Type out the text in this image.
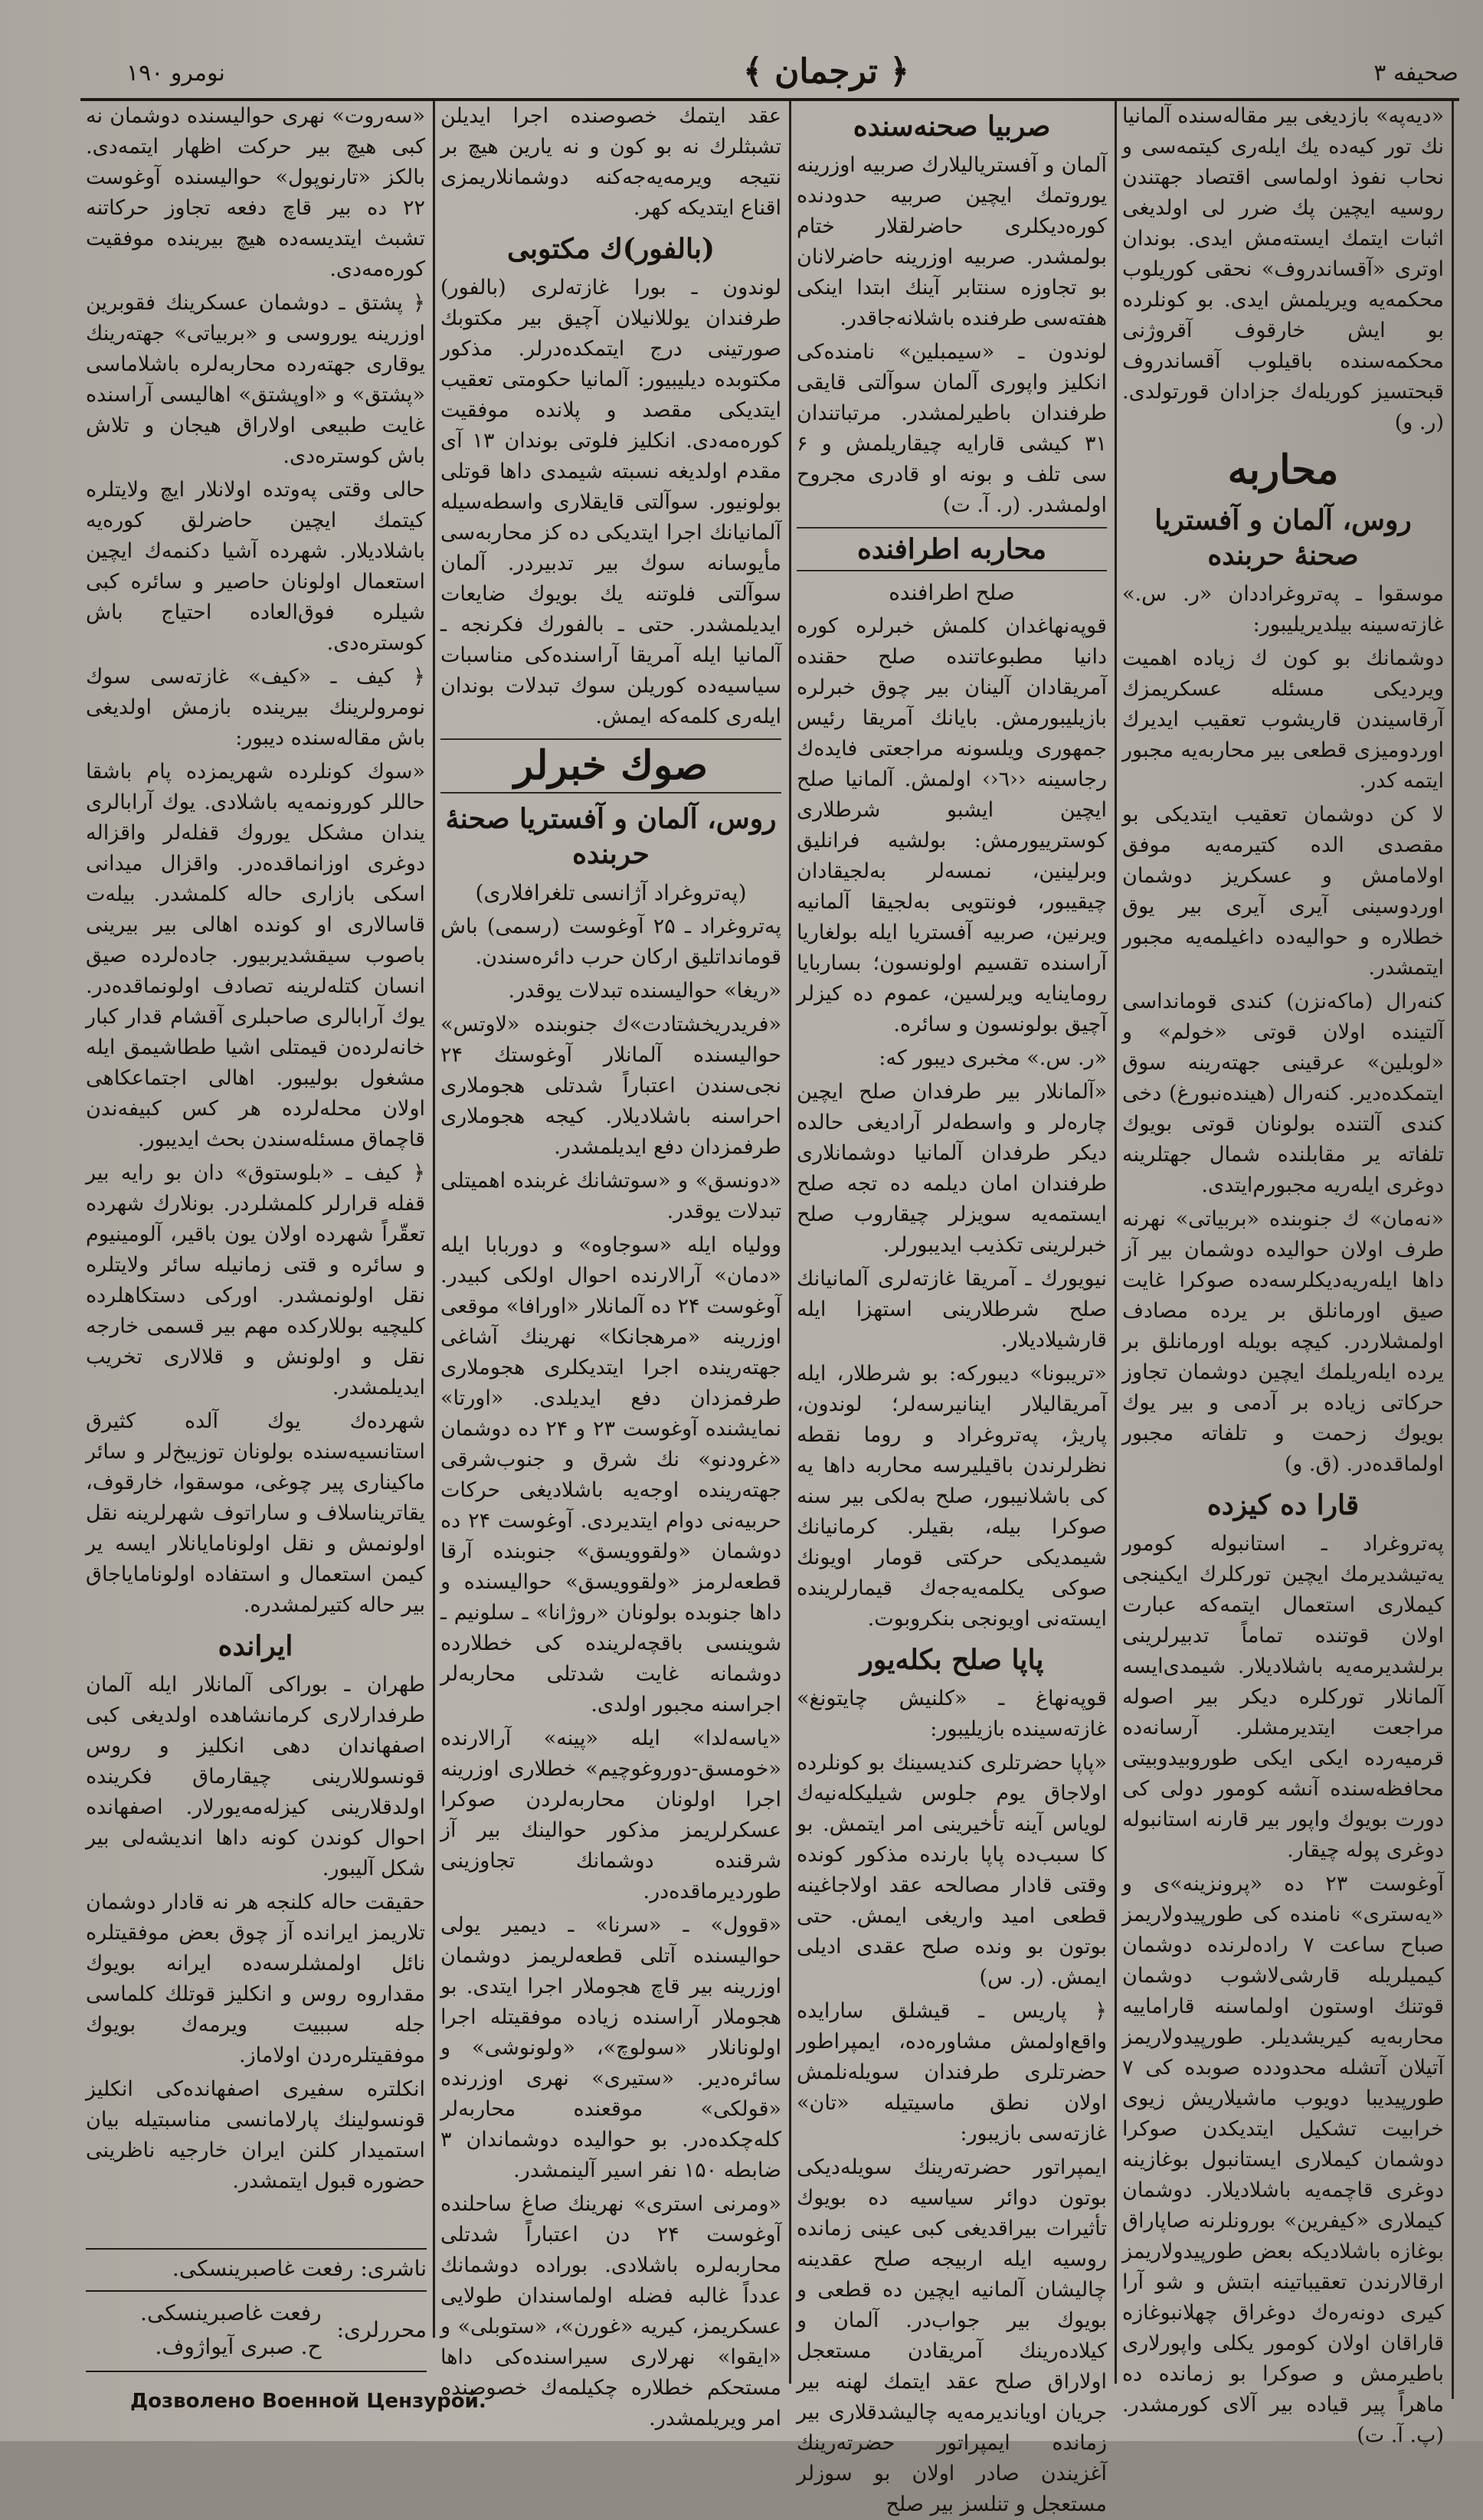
نومرو ۱۹۰	﴿ ترجمان ﴾	صحیفه ۳

«دیەپه» بازدیغی بیر مقاله‌سنده آلمانیا نك تور کیه‌ده یك ایلەری کیتمه‌سی و نحاب نفوذ اولماسی اقتصاد جهتندن روسیه ایچین پك ضرر لی اولدیغی اثبات ایتمك ایستەمش ایدی. بوندان اوتری «آقساندروف» نحقی کوریلوب محکمه‌یه ویریلمش ایدی. بو کونلرده بو ایش خارقوف آقروژنی محکمه‌سنده باقیلوب آقساندروف قبحتسیز کوریله‌ك جزادان قورتولدی. (ر. و)

محاربه
روس، آلمان و آفستریا صحنهٔ حربنده

موسقوا ـ پەتروغراددان «ر. س.» غازته‌سینه بیلدیریلیبور:

دوشمانك بو کون ك زیاده اهمیت ویردیکی مسئله عسکریمزك آرقاسیندن قاریشوب تعقیب ایدیرك اوردومیزی قطعی بیر محاربه‌یه مجبور ایتمه کدر.

لا کن دوشمان تعقیب ایتدیکی بو مقصدی الده کتیرمه‌یه موفق اولامامش و عسکریز دوشمان اوردوسینی آیری آیری بیر یوق خطلاره و حوالیه‌ده داغیلمه‌یه مجبور ایتمشدر.

کنەرال (ماکەنزن) کندی قومانداسی آلتینده اولان قوتی «خولم» و «لوبلین» عرقینی جهته‌رینه سوق ایتمکده‌دیر. کنەرال (هیندەنبورغ) دخی کندی آلتنده بولونان قوتی بویوك تلفاته یر مقابلنده شمال جهتلرینه دوغری ایلەریه مجبورم‌ایتدی.

«نەمان» ك جنوبنده «بربیاتی» نهرنه طرف اولان حوالیده دوشمان بیر آز داها ایلەریه‌دیکلرسه‌ده صوکرا غایت صیق اورمانلق بر یرده مصادف اولمشلاردر. کیچه بویله اورمانلق بر یرده ایلەریلمك ایچین دوشمان تجاوز حرکاتی زیاده بر آدمی و بیر یوك بویوك زحمت و تلفاته مجبور اولماقده‌در. (ق. و)

قارا ده کیزده

پەتروغراد ـ استانبوله کومور یەتیشدیرمك ایچین تورکلرك ایکینجی کیملاری استعمال ایتمه‌که عبارت اولان قوتنده تماماً تدبیرلرینی برلشدیرمه‌یه باشلادیلار. شیمدی‌ایسه آلمانلار تورکلره دیکر بیر اصوله مراجعت ایتدیرمشلر. آرسانه‌ده قرمیه‌رده ایکی ایکی طوروبیدوبیتی محافظه‌سنده آنشه کومور دولی کی دورت بویوك واپور بیر قارنه استانبوله دوغری پوله چیقار.

آوغوست ۲۳ ده «پرونزینه»ی و «یەستری» نامنده کی طورپیدولاریمز صباح ساعت ۷ راده‌لرنده دوشمان کیمیلریله قارشی‌لاشوب دوشمان قوتنك اوستون اولماسنه قاراماییه محاربه‌یه کیریشدیلر. طورپیدولاریمز آتیلان آتشله محدود‌ده صوبده کی ۷ طورپیدیبا دویوب ماشیلاریش زیوی خرابیت تشکیل ایتدیکدن صوکرا دوشمان کیملاری ایستانبول بوغازینه دوغری قاچمه‌یه باشلادیلار. دوشمان کیملاری «کیفرین» بورونلرنه صاپاراق بوغازه باشلادیکه بعض طورپیدولاریمز ارقالارندن تعقیباتینه ابتش و شو آرا کیری دونه‌ره‌ك دوغراق چهلانبوغازه قاراقان اولان کومور یکلی واپورلاری باطیرمش و صوکرا بو زمانده ده ماهراً پیر قیاده بیر آلای کورمشدر. (پ. آ. ت)

صربیا صحنه‌سنده

آلمان و آفستریالیلارك صربیه اوزرینه یوروتمك ایچین صربیه حدودنده کوره‌دیکلری حاضرلقلار ختام بولمشدر. صربیه اوزرینه حاضرلانان بو تجاوزه سنتابر آینك ابتدا اینکی هفته‌سی طرفنده باشلانه‌جاقدر.

لوندون ـ «سیمبلین» نامنده‌کی انکلیز واپوری آلمان سوآلتی قایقی طرفندان باطیرلمشدر. مرتباتندان ۳۱ کیشی قارایه چیقاریلمش و ۶ سی تلف و بونه او قادری مجروح اولمشدر. (ر. آ. ت)

محاربه اطرافنده
صلح اطرافنده

قوپەنهاغدان کلمش خبرلره کوره دانیا مطبوعاتنده صلح حقنده آمریقادان آلینان بیر چوق خبرلره بازیلیبورمش. بایانك آمریقا رئیس جمهوری ویلسونه مراجعتی فایده‌ك رجاسینه ‹‹٦‹› اولمش. آلمانیا صلح ایچین ایشبو شرطلاری کوسترییورمش: بولشیه فرانلیق وبرلینین، نمسه‌لر بەلجیقادان چیقیبور، فونتویی بەلجیقا آلمانیه ویرنین، صربیه آفستریا ایله بولغاریا آراسنده تقسیم اولونسون؛ بساربایا روماینایه ویرلسین، عموم ده کیزلر آچیق بولونسون و سائره.

«ر. س.» مخبری دیبور که:

«آلمانلار بیر طرفدان صلح ایچین چاره‌لر و واسطه‌لر آرادیغی حالده دیکر طرفدان آلمانیا دوشمانلاری طرفندان امان دیلمه ده تجه صلح ایستمه‌یه سویزلر چیقاروب صلح خبرلرینی تکذیب ایدیبورلر.

نیویورك ـ آمریقا غازته‌لری آلمانیانك صلح شرطلارینی استهزا ایله قارشیلادیلار.

«تریبونا» دیبورکه: بو شرطلار، ایله آمریقالیلار اینانیرسه‌لر؛ لوندون، پاریژ، پەتروغراد و روما نقطه نظرلرندن باقیلیرسه محاربه داها یه کی باشلانیبور، صلح بەلکی بیر سنه صوکرا بیله، بقیلر. کرمانیانك شیمدیکی حرکتی قومار اویونك صوکی یکلمه‌یه‌جه‌ك قیمارلرینده ایستەنی اویونجی بنکروبوت.

پاپا صلح بکله‌یور

قوپەنهاغ ـ «کلنیش چایتونغ» غازته‌سینده بازیلیبور:

«پاپا حضرتلری کندیسینك بو کونلرده اولاجاق یوم جلوس شیلیکلەنیه‌ك لویاس آینه تأخیرینی امر ایتمش. بو کا سبب‌ده پاپا بارنده مذکور کونده وقتی قادار مصالحه عقد اولاجاغینه قطعی امید واریغی ایمش. حتی بوتون بو ونده صلح عقدی ادیلی ایمش. (ر. س)

﴿ پاریس ـ قیشلق سارایده واقع‌اولمش مشاوره‌ده، ایمپراطور حضرتلری طرفندان سویلەنلمش اولان نطق ماسیتیله «تان» غازته‌سی بازیبور:

ایمپراتور حضرته‌رینك سویلەدیکی بوتون دوائر سیاسیه ده بویوك تأثیرات بیراقدیغی کبی عینی زمانده روسیه ایله اربیجه صلح عقدینه چالیشان آلمانیه ایچین ده قطعی و بویوك بیر جواب‌در. آلمان و کیلاده‌رینك آمریقادن مستعجل اولاراق صلح عقد ایتمك لهنه بیر جریان اویاندیرمه‌یه چالیشدقلاری بیر زمانده ایمپراتور حضرته‌رینك آغزیندن صادر اولان بو سوزلر مستعجل و تنلسز بیر صلح

عقد ایتمك خصوصنده اجرا ایدیلن تشبثلرك نه بو کون و نه یارین هیچ بر نتیجه ویرمه‌یه‌جه‌کنه دوشمانلاریمزی اقناع ایتدیکه کهر.

(بالفور)‌ك مکتوبی

لوندون ـ بورا غازته‌لری (بالفور) طرفندان یوللانیلان آچیق بیر مکتوبك صورتینی درج ایتمکده‌درلر. مذکور مکتوبده دیلیبیور: آلمانیا حکومتی تعقیب ایتدیکی مقصد و پلانده موفقیت کوره‌مه‌دی. انکلیز فلوتی بوندان ۱۳ آی مقدم اولدیغه نسبته شیمدی داها قوتلی بولونیور. سوآلتی قایقلاری واسطه‌سیله آلمانیانك اجرا ایتدیکی ده کز محاربه‌سی مأیوسانه سوك بیر تدبیردر. آلمان سوآلتی فلوتنه یك بویوك ضایعات ایدیلمشدر. حتی ـ بالفورك فکرنجه ـ آلمانیا ایله آمریقا آراسنده‌کی مناسبات سیاسیه‌ده کوریلن سوك تبدلات بوندان ایلەری کلمه‌که ایمش.

صوك خبرلر
روس، آلمان و آفستریا صحنهٔ حربنده
(پەتروغراد آژانسی تلغرافلاری)

پەتروغراد ـ ۲۵ آوغوست (رسمی) باش قومانداتلیق ارکان حرب دائره‌سندن.

«ریغا» حوالیسنده تبدلات یوقدر.

«فریدریخشتادت»‌ك جنوبنده «لاوتس» حوالیسنده آلمانلار آوغوستك ۲۴ نجی‌سندن اعتباراً شدتلی هجوملاری احراسنه باشلادیلار. کیجه هجوملاری طرفمزدان دفع ایدیلمشدر.

«دونسق» و «سوتشانك غربنده اهمیتلی تبدلات یوقدر.

وولیاه ایله «سوجاوه» و دوربابا ایله «دمان» آرالارنده احوال اولکی کبیدر. آوغوست ۲۴ ده آلمانلار «اورافا» موقعی اوزرینه «مرهجانکا» نهرینك آشاغی جهته‌رینده اجرا ایتدیکلری هجوملاری طرفمزدان دفع ایدیلدی. «اورتا» نمایشنده آوغوست ۲۳ و ۲۴ ده دوشمان «غرودنو» نك شرق و جنوب‌شرقی جهته‌رینده اوجه‌یه باشلادیغی حرکات حربیه‌نی دوام ایتدیردی. آوغوست ۲۴ ده دوشمان «ولقوویسق» جنوبنده آرقا قطعه‌لرمز «ولقوویسق» حوالیسنده و داها جنوبده بولونان «روژانا» ـ سلونیم ـ شوینسی باقچه‌لرینده کی خطلارده دوشمانه غایت شدتلی محاربه‌لر اجراسنه مجبور اولدی.

«یاسه‌لدا» ایله «پینه» آرالارنده «خومسق-دوروغوچیم» خطلاری اوزرینه اجرا اولونان محاربه‌لردن صوکرا عسکرلریمز مذکور حوالینك بیر آز شرقنده دوشمانك تجاوزینی طوردیرماقده‌در.

«قوول» ـ «سرنا» ـ دیمیر یولی حوالیسنده آتلی قطعه‌لریمز دوشمان اوزرینه بیر قاچ هجوملار اجرا ایتدی. بو هجوملار آراسنده زیاده موفقیتله اجرا اولونانلار «سولوچ»، «ولونوشی» و سائره‌دیر. «ستیری» نهری اوزرنده «قولکی» موقعنده محاربه‌لر کله‌چکده‌در. بو حوالیده دوشماندان ۳ ضابطه ۱۵۰ نفر اسیر آلینمشدر.

«ومرنی استری» نهرینك صاغ ساحلنده آوغوست ۲۴ دن اعتباراً شدتلی محاربه‌لره باشلادی. بوراده دوشمانك عدداً غالبه فضله اولماسندان طولایی عسکریمز، کیریه «غورن»، «ستوبلی» و «ایقوا» نهرلاری سیراسنده‌کی داها مستحکم خطلاره چکیلمه‌ك خصوصنده امر ویریلمشدر.

«سەروت» نهری حوالیسنده دوشمان نه کبی هیچ بیر حرکت اظهار ایتمه‌دی. بالکز «تارنوپول» حوالیسنده آوغوست ۲۲ ده بیر قاچ دفعه تجاوز حرکاتنه تشبث ایتدیسه‌ده هیچ بیرینده موفقیت کوره‌مه‌دی.

﴿ پشتق ـ دوشمان عسکرینك فقوبرین اوزرینه یوروسی و «بربیاتی» جهته‌رینك یوقاری جهته‌رده محاربه‌لره باشلاماسی «پشتق» و «اوپشتق» اهالیسی آراسنده غایت طبیعی اولاراق هیجان و تلاش باش کوستره‌دی.

حالی وقتی پەوتده اولانلار ایچ ولایتلره کیتمك ایچین حاضرلق کوره‌یه باشلادیلار. شهرده آشیا دکنمه‌ك ایچین استعمال اولونان حاصیر و سائره کبی شیلره فوق‌العاده احتیاج باش کوستره‌دی.

﴿ کیف ـ «کیف» غازته‌سی سوك نومرولرینك بیرینده بازمش اولدیغی باش مقاله‌سنده دیبور:

«سوك کونلرده شهریمزده پام باشقا حاللر کورونمه‌یه باشلادی. یوك آرابالری یندان مشکل یوروك قفله‌لر واقزاله دوغری اوزانماقده‌در. واقزال میدانی اسکی بازاری حاله کلمشدر. بیلەت قاسالاری او کونده اهالی بیر بیرینی باصوب سیقشدیربیور. جاده‌لرده صیق انسان کتله‌لرینه تصادف اولونماقده‌در. یوك آرابالری صاحبلری آقشام قدار کبار خانه‌لرده‌ن قیمتلی اشیا ططاشیمق ایله مشغول بولیبور. اهالی اجتماعکاهی اولان محله‌لرده هر کس کبیفه‌ندن قاچماق مسئله‌سندن بحث ایدیبور.

﴿ کیف ـ «بلوستوق» دان بو رایه بیر قفله قرارلر کلمشلردر. بونلارك شهرده تعقّراً شهرده اولان یون باقیر، آلومینیوم و سائره و قتی زمانیله سائر ولایتلره نقل اولونمشدر. اورکی دستکاهلرده کلیچیه بوللارکده مهم بیر قسمی خارجه نقل و اولونش و قلالاری تخریب ایدیلمشدر.

شهرده‌ك یوك آلده کثیرق استانسیه‌سنده بولونان توزیبخ‌لر و سائر ماکیناری پیر چوغی، موسقوا، خارقوف، یقاتریناسلاف و ساراتوف شهرلرینه نقل اولونمش و نقل اولونامایانلار ایسه یر کیمن استعمال و استفاده اولونامایاجاق بیر حاله کتیرلمشدره.

ایرانده

طهران ـ بوراکی آلمانلار ایله آلمان طرفدارلاری کرمانشاهده اولدیغی کبی اصفهاندان دهی انکلیز و روس قونسوللارینی چیقارماق فکرینده اولدقلارینی کیزله‌مه‌یورلار. اصفهانده احوال کوندن کونه داها اندیشه‌لی بیر شکل آلیبور.

حقیقت حاله کلنجه هر نه قادار دوشمان تلاریمز ایرانده آز چوق بعض موفقیتلره نائل اولمشلرسه‌ده ایرانه بویوك مقداروه روس و انکلیز قوتلك کلماسی جله سببیت ویرمه‌ك بویوك موفقیتلره‌ردن اولاماز.

انکلتره سفیری اصفهانده‌کی انکلیز قونسولینك پارلامانسی مناسبتیله بیان استمیدار کلنن ایران خارجیه ناظرینی حضوره قبول ایتمشدر.

ناشری: رفعت غاصبرینسکی.
محررلری:
رفعت غاصبرینسکی.
ح. صبری آیواژوف.
Дозволено Военной Цензурой.
